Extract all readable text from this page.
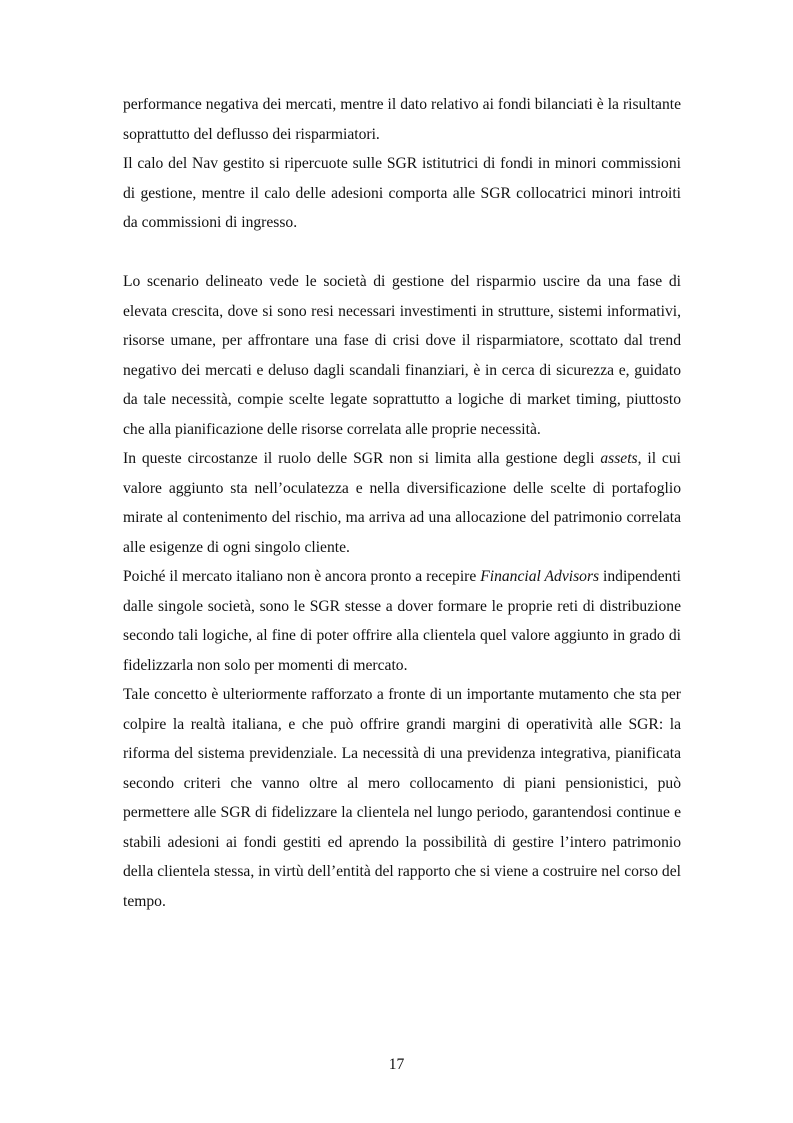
performance negativa dei mercati, mentre il dato relativo ai fondi bilanciati è la risultante soprattutto del deflusso dei risparmiatori.

Il calo del Nav gestito si ripercuote sulle SGR istitutrici di fondi in minori commissioni di gestione, mentre il calo delle adesioni comporta alle SGR collocatrici minori introiti da commissioni di ingresso.

Lo scenario delineato vede le società di gestione del risparmio uscire da una fase di elevata crescita, dove si sono resi necessari investimenti in strutture, sistemi informativi, risorse umane, per affrontare una fase di crisi dove il risparmiatore, scottato dal trend negativo dei mercati e deluso dagli scandali finanziari, è in cerca di sicurezza e, guidato da tale necessità, compie scelte legate soprattutto a logiche di market timing, piuttosto che alla pianificazione delle risorse correlata alle proprie necessità.

In queste circostanze il ruolo delle SGR non si limita alla gestione degli assets, il cui valore aggiunto sta nell’oculatezza e nella diversificazione delle scelte di portafoglio mirate al contenimento del rischio, ma arriva ad una allocazione del patrimonio correlata alle esigenze di ogni singolo cliente.

Poiché il mercato italiano non è ancora pronto a recepire Financial Advisors indipendenti dalle singole società, sono le SGR stesse a dover formare le proprie reti di distribuzione secondo tali logiche, al fine di poter offrire alla clientela quel valore aggiunto in grado di fidelizzarla non solo per momenti di mercato.

Tale concetto è ulteriormente rafforzato a fronte di un importante mutamento che sta per colpire la realtà italiana, e che può offrire grandi margini di operatività alle SGR: la riforma del sistema previdenziale. La necessità di una previdenza integrativa, pianificata secondo criteri che vanno oltre al mero collocamento di piani pensionistici, può permettere alle SGR di fidelizzare la clientela nel lungo periodo, garantendosi continue e stabili adesioni ai fondi gestiti ed aprendo la possibilità di gestire l’intero patrimonio della clientela stessa, in virtù dell’entità del rapporto che si viene a costruire nel corso del tempo.

17
